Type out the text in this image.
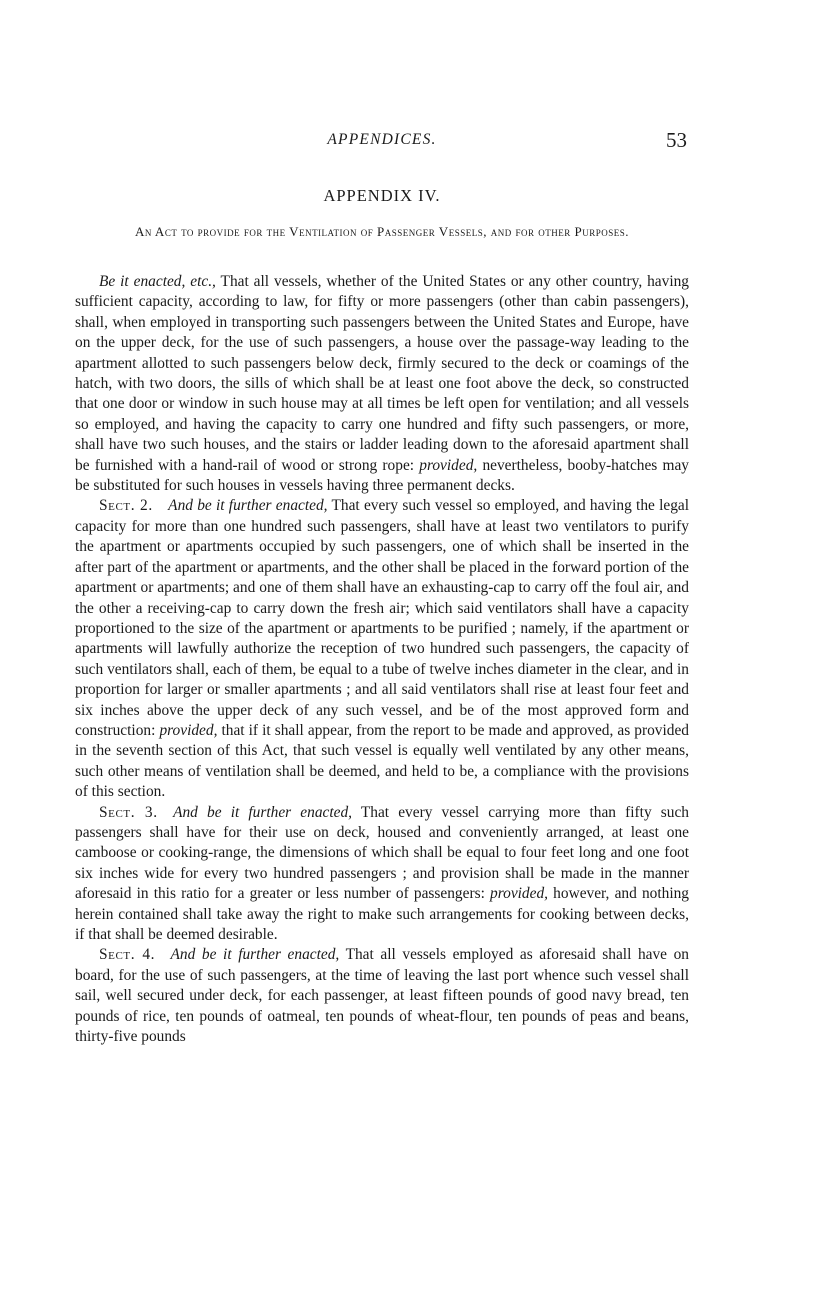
APPENDICES.	53
APPENDIX IV.
An Act to provide for the Ventilation of Passenger Vessels, and for other Purposes.

Be it enacted, etc., That all vessels, whether of the United States or any other country, having sufficient capacity, according to law, for fifty or more passengers (other than cabin passengers), shall, when employed in transporting such passengers between the United States and Europe, have on the upper deck, for the use of such passengers, a house over the passage-way leading to the apartment allotted to such passengers below deck, firmly secured to the deck or coamings of the hatch, with two doors, the sills of which shall be at least one foot above the deck, so constructed that one door or window in such house may at all times be left open for ventilation; and all vessels so employed, and having the capacity to carry one hundred and fifty such passengers, or more, shall have two such houses, and the stairs or ladder leading down to the aforesaid apartment shall be furnished with a hand-rail of wood or strong rope: provided, nevertheless, booby-hatches may be substituted for such houses in vessels having three permanent decks.

Sect. 2.  And be it further enacted, That every such vessel so employed, and having the legal capacity for more than one hundred such passengers, shall have at least two ventilators to purify the apartment or apartments occupied by such passengers, one of which shall be inserted in the after part of the apartment or apartments, and the other shall be placed in the forward portion of the apartment or apartments; and one of them shall have an exhausting-cap to carry off the foul air, and the other a receiving-cap to carry down the fresh air; which said ventilators shall have a capacity proportioned to the size of the apartment or apartments to be purified ; namely, if the apartment or apartments will lawfully authorize the reception of two hundred such passengers, the capacity of such ventilators shall, each of them, be equal to a tube of twelve inches diameter in the clear, and in proportion for larger or smaller apartments ; and all said ventilators shall rise at least four feet and six inches above the upper deck of any such vessel, and be of the most approved form and construction: provided, that if it shall appear, from the report to be made and approved, as provided in the seventh section of this Act, that such vessel is equally well ventilated by any other means, such other means of ventilation shall be deemed, and held to be, a compliance with the provisions of this section.

Sect. 3.  And be it further enacted, That every vessel carrying more than fifty such passengers shall have for their use on deck, housed and conveniently arranged, at least one camboose or cooking-range, the dimensions of which shall be equal to four feet long and one foot six inches wide for every two hundred passengers ; and provision shall be made in the manner aforesaid in this ratio for a greater or less number of passengers: provided, however, and nothing herein contained shall take away the right to make such arrangements for cooking between decks, if that shall be deemed desirable.

Sect. 4.  And be it further enacted, That all vessels employed as aforesaid shall have on board, for the use of such passengers, at the time of leaving the last port whence such vessel shall sail, well secured under deck, for each passenger, at least fifteen pounds of good navy bread, ten pounds of rice, ten pounds of oatmeal, ten pounds of wheat-flour, ten pounds of peas and beans, thirty-five pounds
